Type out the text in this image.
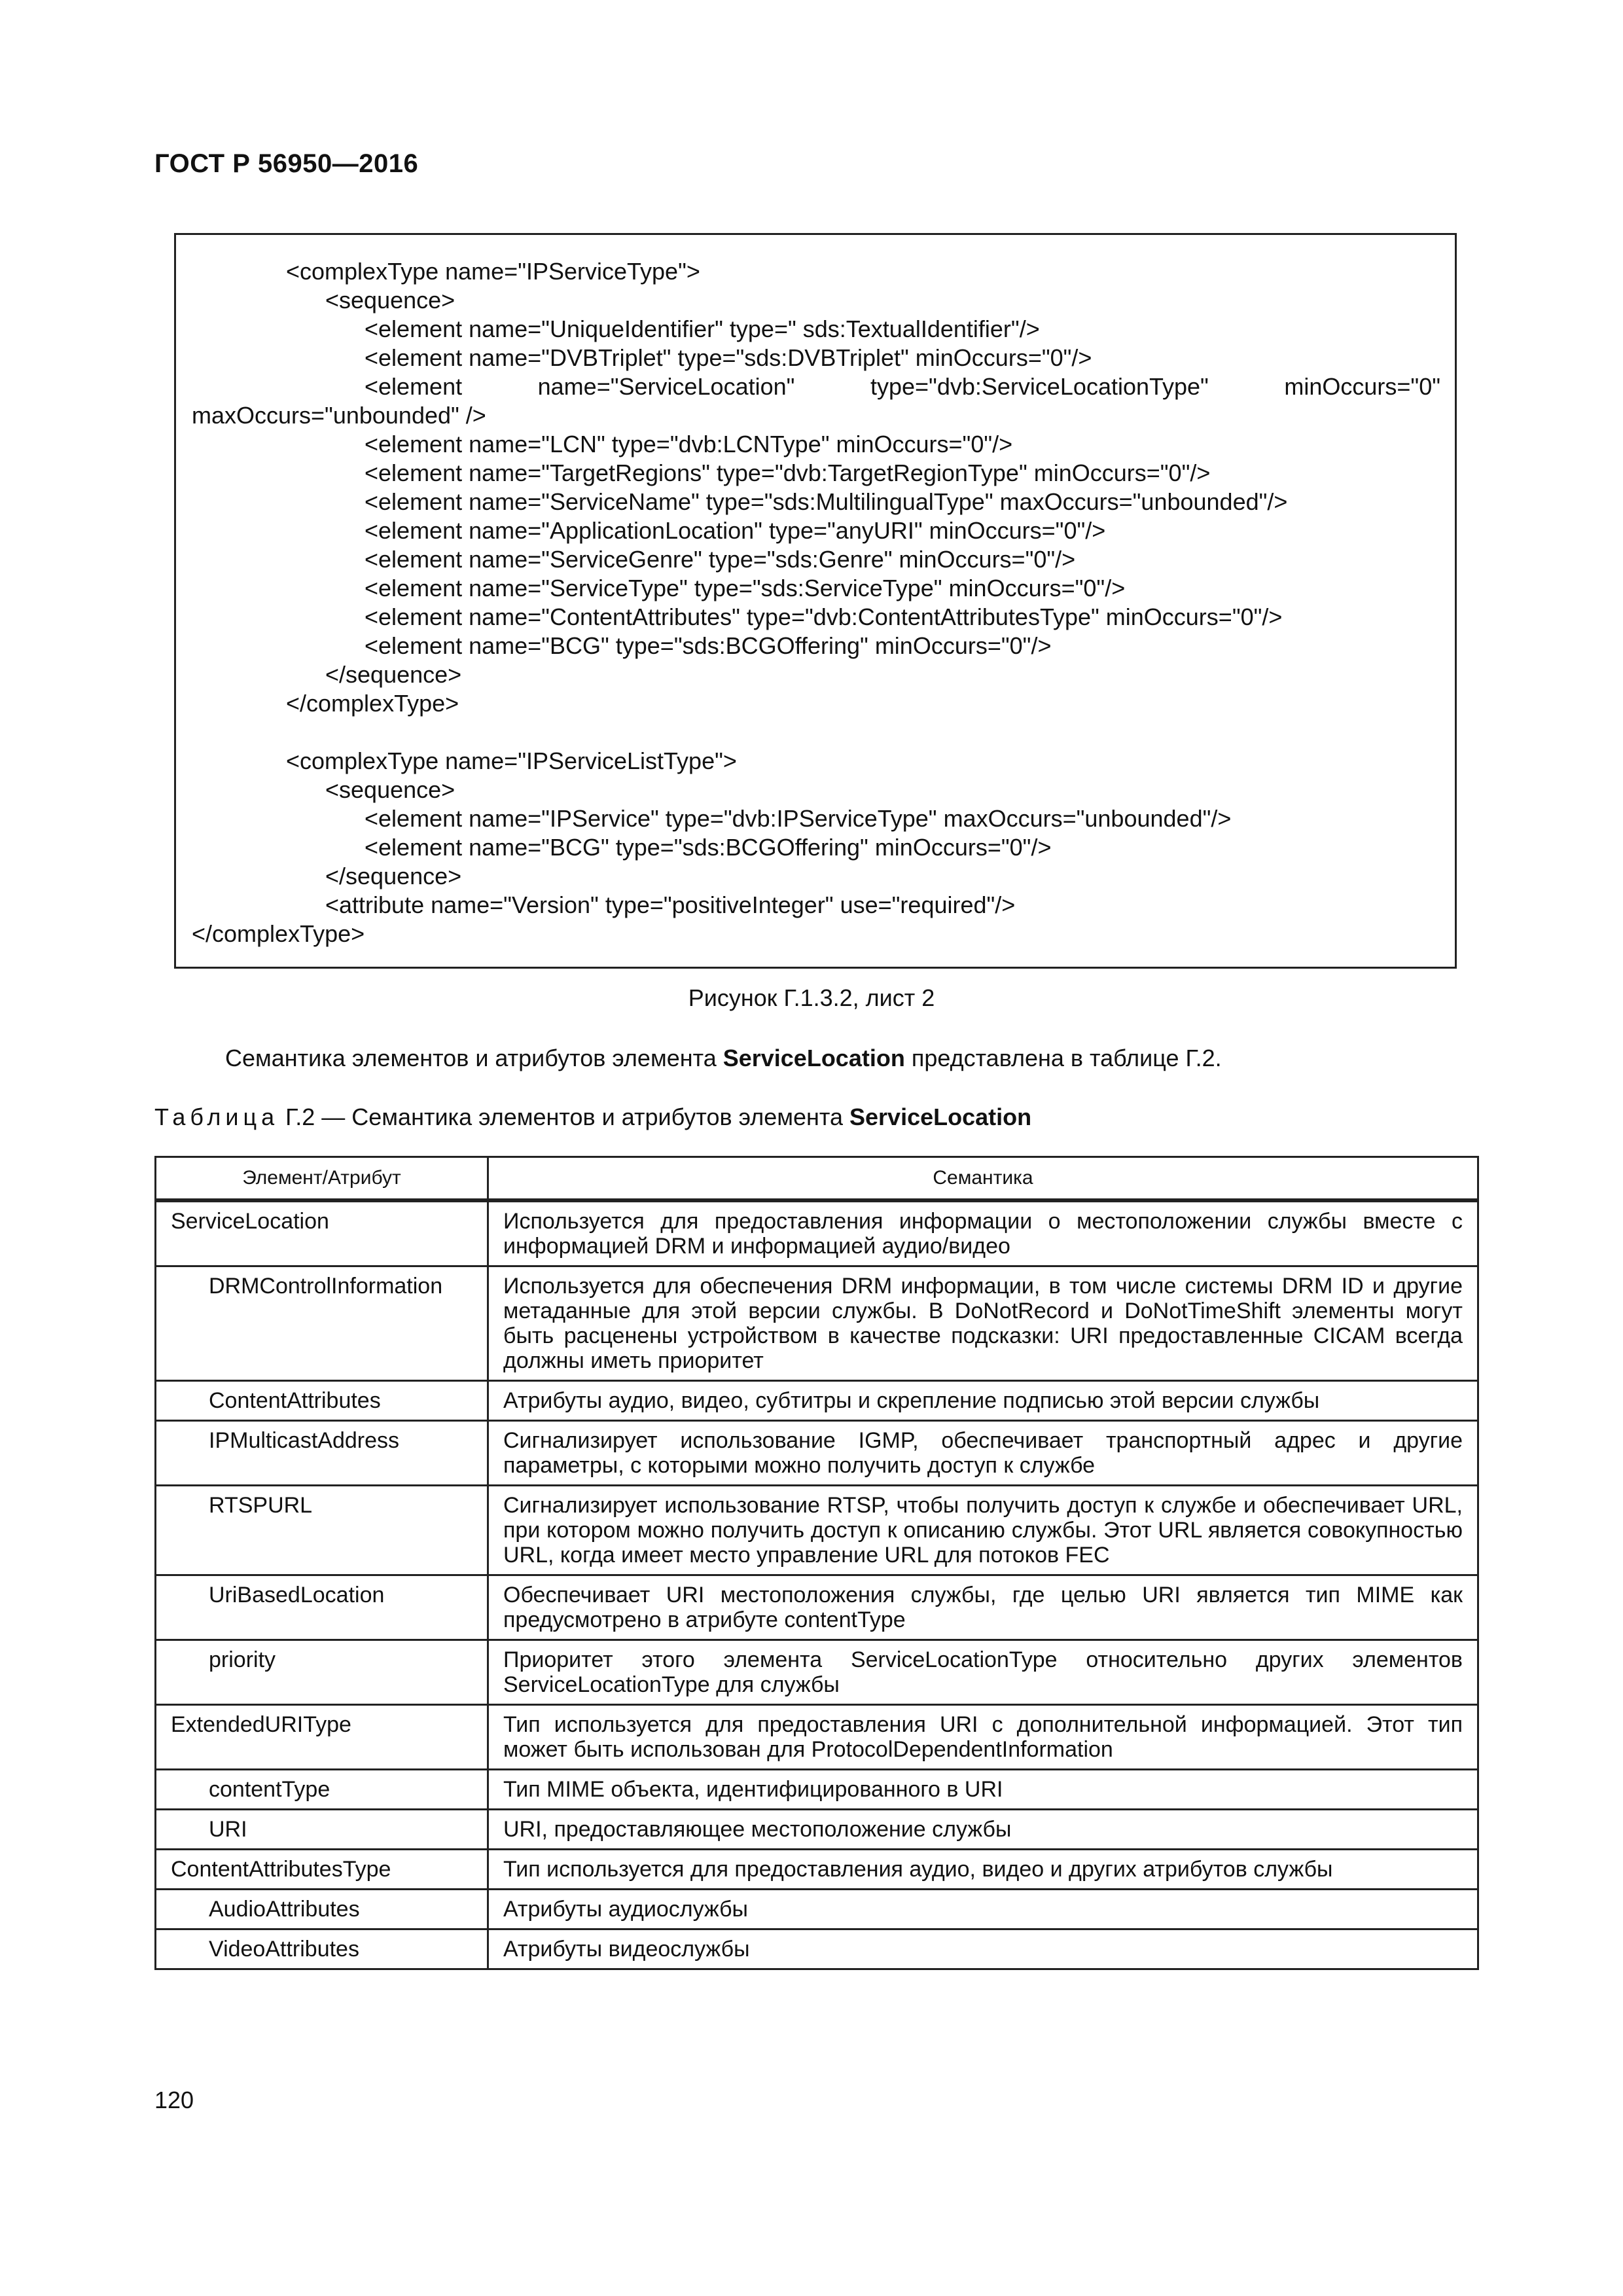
ГОСТ Р 56950—2016
<complexType name="IPServiceType">
<sequence>
<element name="UniqueIdentifier" type=" sds:TextualIdentifier"/>
<element name="DVBTriplet" type="sds:DVBTriplet" minOccurs="0"/>
<element	name="ServiceLocation"	type="dvb:ServiceLocationType"	minOccurs="0"
maxOccurs="unbounded" />
<element name="LCN" type="dvb:LCNType" minOccurs="0"/>
<element name="TargetRegions" type="dvb:TargetRegionType" minOccurs="0"/>
<element name="ServiceName" type="sds:MultilingualType" maxOccurs="unbounded"/>
<element name="ApplicationLocation" type="anyURI" minOccurs="0"/>
<element name="ServiceGenre" type="sds:Genre" minOccurs="0"/>
<element name="ServiceType" type="sds:ServiceType" minOccurs="0"/>
<element name="ContentAttributes" type="dvb:ContentAttributesType" minOccurs="0"/>
<element name="BCG" type="sds:BCGOffering" minOccurs="0"/>
</sequence>
</complexType>
<complexType name="IPServiceListType">
<sequence>
<element name="IPService" type="dvb:IPServiceType" maxOccurs="unbounded"/>
<element name="BCG" type="sds:BCGOffering" minOccurs="0"/>
</sequence>
<attribute name="Version" type="positiveInteger" use="required"/>
</complexType>
Рисунок Г.1.3.2, лист 2
Семантика элементов и атрибутов элемента ServiceLocation представлена в таблице Г.2.
Таблица Г.2 — Семантика элементов и атрибутов элемента ServiceLocation
Элемент/Атрибут	Семантика
ServiceLocation	Используется для предоставления информации о местоположении службы вместе с информацией DRM и информацией аудио/видео
DRMControlInformation	Используется для обеспечения DRM информации, в том числе системы DRM ID и другие метаданные для этой версии службы. В DoNotRecord и DoNotTimeShift элементы могут быть расценены устройством в качестве подсказки: URI предоставленные CICAM всегда должны иметь приоритет
ContentAttributes	Атрибуты аудио, видео, субтитры и скрепление подписью этой версии службы
IPMulticastAddress	Сигнализирует использование IGMP, обеспечивает транспортный адрес и другие параметры, с которыми можно получить доступ к службе
RTSPURL	Сигнализирует использование RTSP, чтобы получить доступ к службе и обеспечивает URL, при котором можно получить доступ к описанию службы. Этот URL является совокупностью URL, когда имеет место управление URL для потоков FEC
UriBasedLocation	Обеспечивает URI местоположения службы, где целью URI является тип MIME как предусмотрено в атрибуте contentType
priority	Приоритет этого элемента ServiceLocationType относительно других элементов ServiceLocationType для службы
ExtendedURIType	Тип используется для предоставления URI с дополнительной информацией. Этот тип может быть использован для ProtocolDependentInformation
contentType	Тип MIME объекта, идентифицированного в URI
URI	URI, предоставляющее местоположение службы
ContentAttributesType	Тип используется для предоставления аудио, видео и других атрибутов службы
AudioAttributes	Атрибуты аудиослужбы
VideoAttributes	Атрибуты видеослужбы
120
